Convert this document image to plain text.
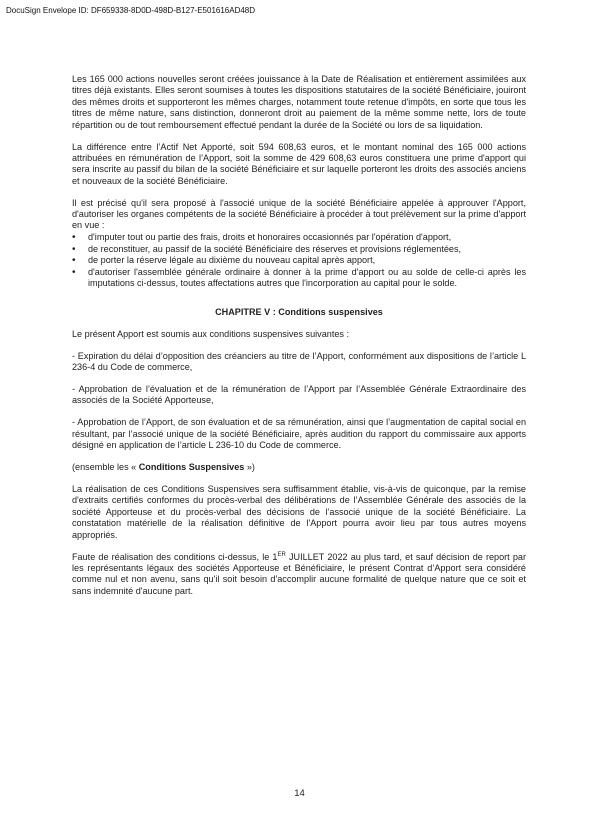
DocuSign Envelope ID: DF659338-8D0D-498D-B127-E501616AD48D

Les 165 000 actions nouvelles seront créées jouissance à la Date de Réalisation et entièrement assimilées aux titres déjà existants. Elles seront soumises à toutes les dispositions statutaires de la société Bénéficiaire, jouiront des mêmes droits et supporteront les mêmes charges, notamment toute retenue d'impôts, en sorte que tous les titres de même nature, sans distinction, donneront droit au paiement de la même somme nette, lors de toute répartition ou de tout remboursement effectué pendant la durée de la Société ou lors de sa liquidation.

La différence entre l’Actif Net Apporté, soit 594 608,63 euros, et le montant nominal des 165 000 actions attribuées en rémunération de l’Apport, soit la somme de 429 608,63 euros constituera une prime d'apport qui sera inscrite au passif du bilan de la société Bénéficiaire et sur laquelle porteront les droits des associés anciens et nouveaux de la société Bénéficiaire.

Il est précisé qu'il sera proposé à l'associé unique de la société Bénéficiaire appelée à approuver l'Apport, d'autoriser les organes compétents de la société Bénéficiaire à procéder à tout prélèvement sur la prime d'apport en vue :

• d'imputer tout ou partie des frais, droits et honoraires occasionnés par l'opération d'apport,
• de reconstituer, au passif de la société Bénéficiaire des réserves et provisions réglementées,
• de porter la réserve légale au dixième du nouveau capital après apport,
• d'autoriser l'assemblée générale ordinaire à donner à la prime d'apport ou au solde de celle-ci après les imputations ci-dessus, toutes affectations autres que l'incorporation au capital pour le solde.
CHAPITRE V : Conditions suspensives

Le présent Apport est soumis aux conditions suspensives suivantes :

- Expiration du délai d’opposition des créanciers au titre de l’Apport, conformément aux dispositions de l’article L 236-4 du Code de commerce,

- Approbation de l’évaluation et de la rémunération de l’Apport par l’Assemblée Générale Extraordinaire des associés de la Société Apporteuse,

- Approbation de l’Apport, de son évaluation et de sa rémunération, ainsi que l’augmentation de capital social en résultant, par l’associé unique de la société Bénéficiaire, après audition du rapport du commissaire aux apports désigné en application de l’article L 236-10 du Code de commerce.

(ensemble les « Conditions Suspensives »)

La réalisation de ces Conditions Suspensives sera suffisamment établie, vis-à-vis de quiconque, par la remise d'extraits certifiés conformes du procès-verbal des délibérations de l’Assemblée Générale des associés de la société Apporteuse et du procès-verbal des décisions de l’associé unique de la société Bénéficiaire. La constatation matérielle de la réalisation définitive de l'Apport pourra avoir lieu par tous autres moyens appropriés.

Faute de réalisation des conditions ci-dessus, le 1ER JUILLET 2022 au plus tard, et sauf décision de report par les représentants légaux des sociétés Apporteuse et Bénéficiaire, le présent Contrat d’Apport sera considéré comme nul et non avenu, sans qu'il soit besoin d'accomplir aucune formalité de quelque nature que ce soit et sans indemnité d'aucune part.

14
